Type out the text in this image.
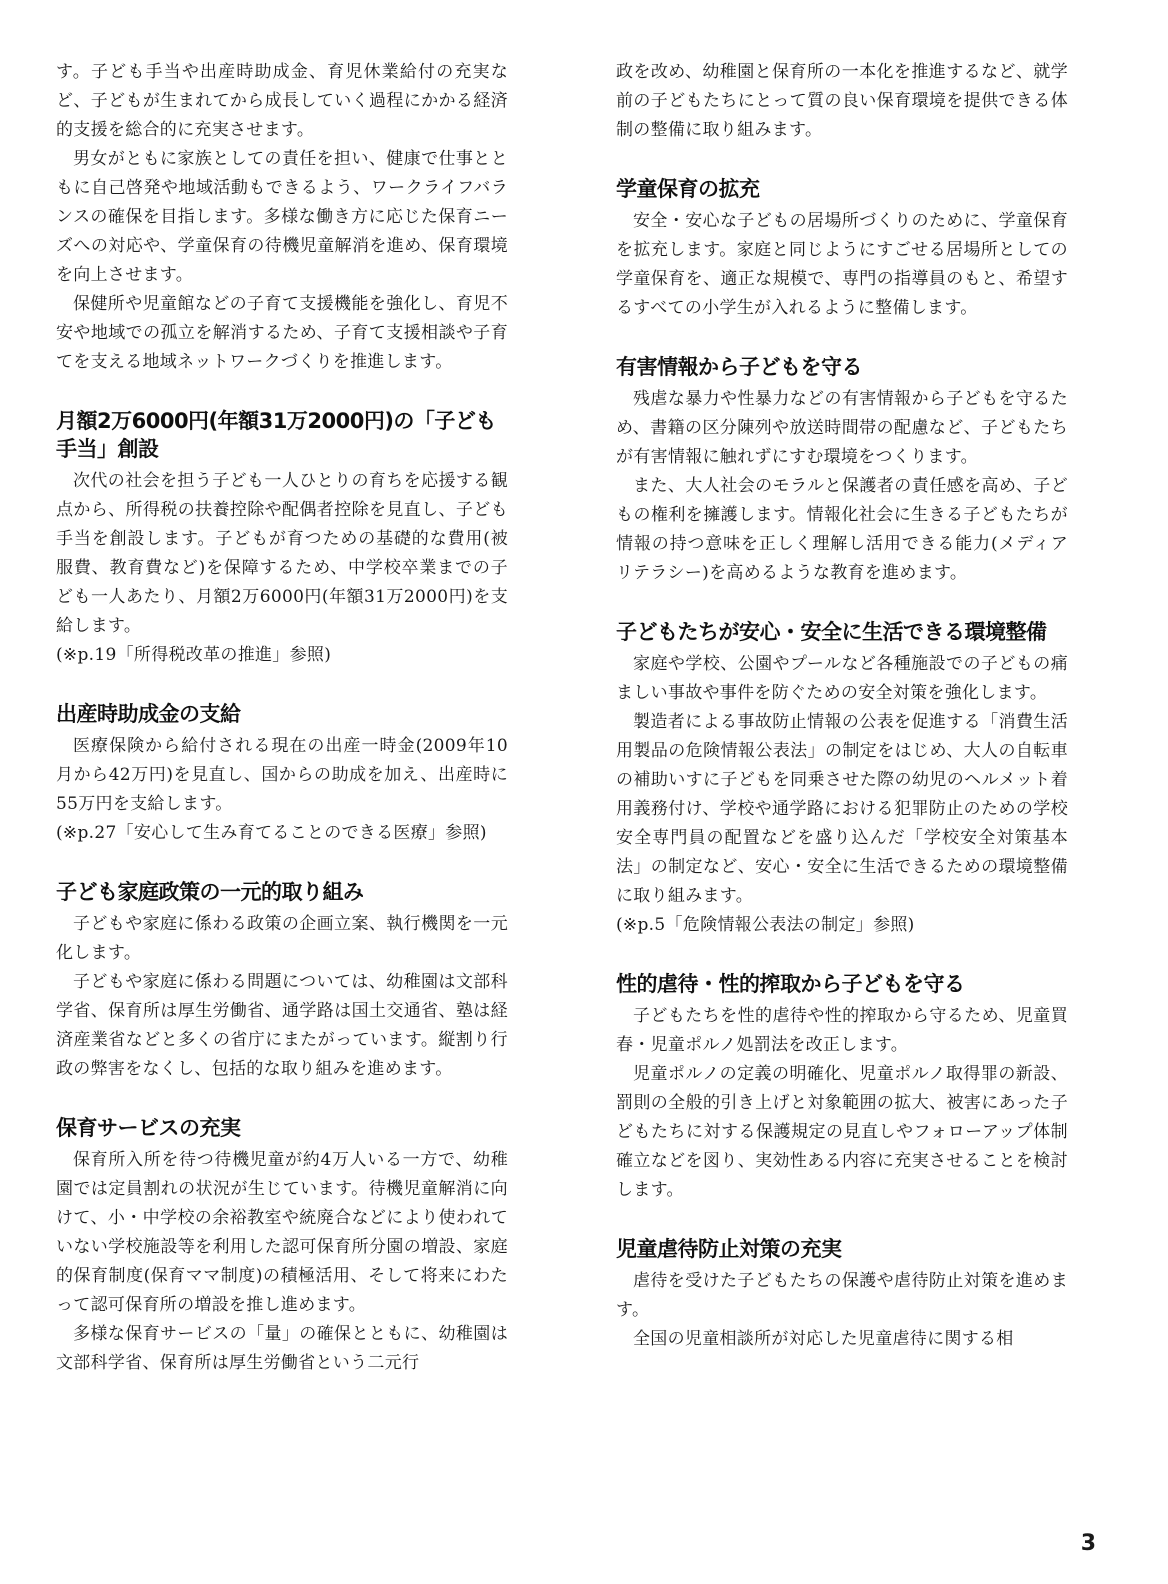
す。子ども手当や出産時助成金、育児休業給付の充実など、子どもが生まれてから成長していく過程にかかる経済的支援を総合的に充実させます。

男女がともに家族としての責任を担い、健康で仕事とともに自己啓発や地域活動もできるよう、ワークライフバランスの確保を目指します。多様な働き方に応じた保育ニーズへの対応や、学童保育の待機児童解消を進め、保育環境を向上させます。

保健所や児童館などの子育て支援機能を強化し、育児不安や地域での孤立を解消するため、子育て支援相談や子育てを支える地域ネットワークづくりを推進します。

月額2万6000円(年額31万2000円)の「子ども手当」創設

次代の社会を担う子ども一人ひとりの育ちを応援する観点から、所得税の扶養控除や配偶者控除を見直し、子ども手当を創設します。子どもが育つための基礎的な費用(被服費、教育費など)を保障するため、中学校卒業までの子ども一人あたり、月額2万6000円(年額31万2000円)を支給します。

(※p.19「所得税改革の推進」参照)

出産時助成金の支給

医療保険から給付される現在の出産一時金(2009年10月から42万円)を見直し、国からの助成を加え、出産時に55万円を支給します。

(※p.27「安心して生み育てることのできる医療」参照)

子ども家庭政策の一元的取り組み

子どもや家庭に係わる政策の企画立案、執行機関を一元化します。

子どもや家庭に係わる問題については、幼稚園は文部科学省、保育所は厚生労働省、通学路は国土交通省、塾は経済産業省などと多くの省庁にまたがっています。縦割り行政の弊害をなくし、包括的な取り組みを進めます。

保育サービスの充実

保育所入所を待つ待機児童が約4万人いる一方で、幼稚園では定員割れの状況が生じています。待機児童解消に向けて、小・中学校の余裕教室や統廃合などにより使われていない学校施設等を利用した認可保育所分園の増設、家庭的保育制度(保育ママ制度)の積極活用、そして将来にわたって認可保育所の増設を推し進めます。

多様な保育サービスの「量」の確保とともに、幼稚園は文部科学省、保育所は厚生労働省という二元行

政を改め、幼稚園と保育所の一本化を推進するなど、就学前の子どもたちにとって質の良い保育環境を提供できる体制の整備に取り組みます。

学童保育の拡充

安全・安心な子どもの居場所づくりのために、学童保育を拡充します。家庭と同じようにすごせる居場所としての学童保育を、適正な規模で、専門の指導員のもと、希望するすべての小学生が入れるように整備します。

有害情報から子どもを守る

残虐な暴力や性暴力などの有害情報から子どもを守るため、書籍の区分陳列や放送時間帯の配慮など、子どもたちが有害情報に触れずにすむ環境をつくります。

また、大人社会のモラルと保護者の責任感を高め、子どもの権利を擁護します。情報化社会に生きる子どもたちが情報の持つ意味を正しく理解し活用できる能力(メディアリテラシー)を高めるような教育を進めます。

子どもたちが安心・安全に生活できる環境整備

家庭や学校、公園やプールなど各種施設での子どもの痛ましい事故や事件を防ぐための安全対策を強化します。

製造者による事故防止情報の公表を促進する「消費生活用製品の危険情報公表法」の制定をはじめ、大人の自転車の補助いすに子どもを同乗させた際の幼児のヘルメット着用義務付け、学校や通学路における犯罪防止のための学校安全専門員の配置などを盛り込んだ「学校安全対策基本法」の制定など、安心・安全に生活できるための環境整備に取り組みます。

(※p.5「危険情報公表法の制定」参照)

性的虐待・性的搾取から子どもを守る

子どもたちを性的虐待や性的搾取から守るため、児童買春・児童ポルノ処罰法を改正します。

児童ポルノの定義の明確化、児童ポルノ取得罪の新設、罰則の全般的引き上げと対象範囲の拡大、被害にあった子どもたちに対する保護規定の見直しやフォローアップ体制確立などを図り、実効性ある内容に充実させることを検討します。

児童虐待防止対策の充実

虐待を受けた子どもたちの保護や虐待防止対策を進めます。

全国の児童相談所が対応した児童虐待に関する相

3
